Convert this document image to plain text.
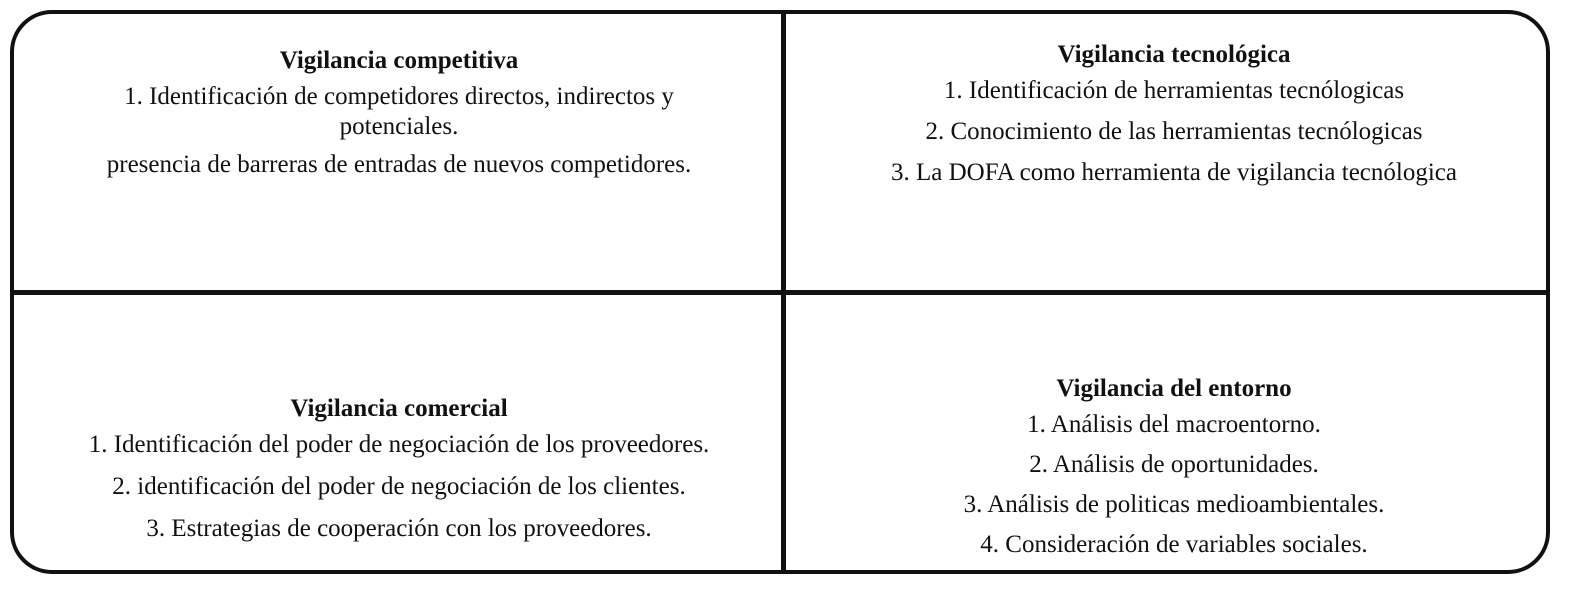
Vigilancia competitiva
1. Identificación de competidores directos, indirectos y potenciales.
presencia de barreras de entradas de nuevos competidores.
Vigilancia tecnológica
1. Identificación de herramientas tecnólogicas
2. Conocimiento de las herramientas tecnólogicas
3. La DOFA como herramienta de vigilancia tecnólogica
Vigilancia comercial
1. Identificación del poder de negociación de los proveedores.
2. identificación del poder de negociación de los clientes.
3. Estrategias de cooperación con los proveedores.
Vigilancia del entorno
1. Análisis del macroentorno.
2. Análisis de oportunidades.
3. Análisis de politicas medioambientales.
4. Consideración de variables sociales.
